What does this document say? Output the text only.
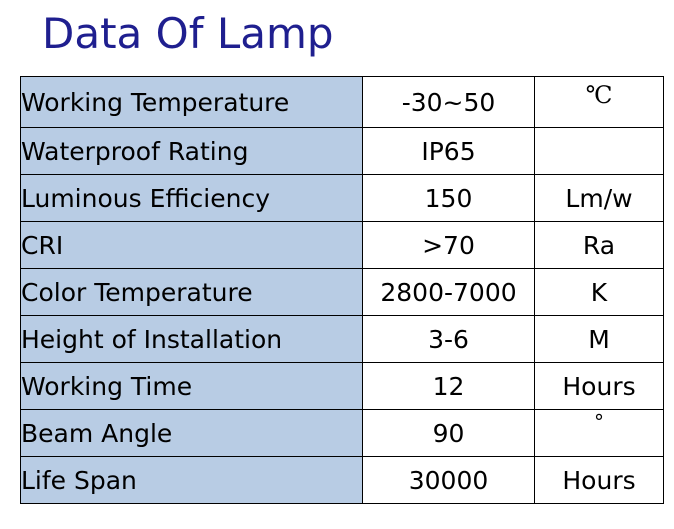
Data Of Lamp
Working Temperature	-30~50	℃
Waterproof Rating	IP65	
Luminous Efficiency	150	Lm/w
CRI	>70	Ra
Color Temperature	2800-7000	K
Height of Installation	3-6	M
Working Time	12	Hours
Beam Angle	90	°
Life Span	30000	Hours
